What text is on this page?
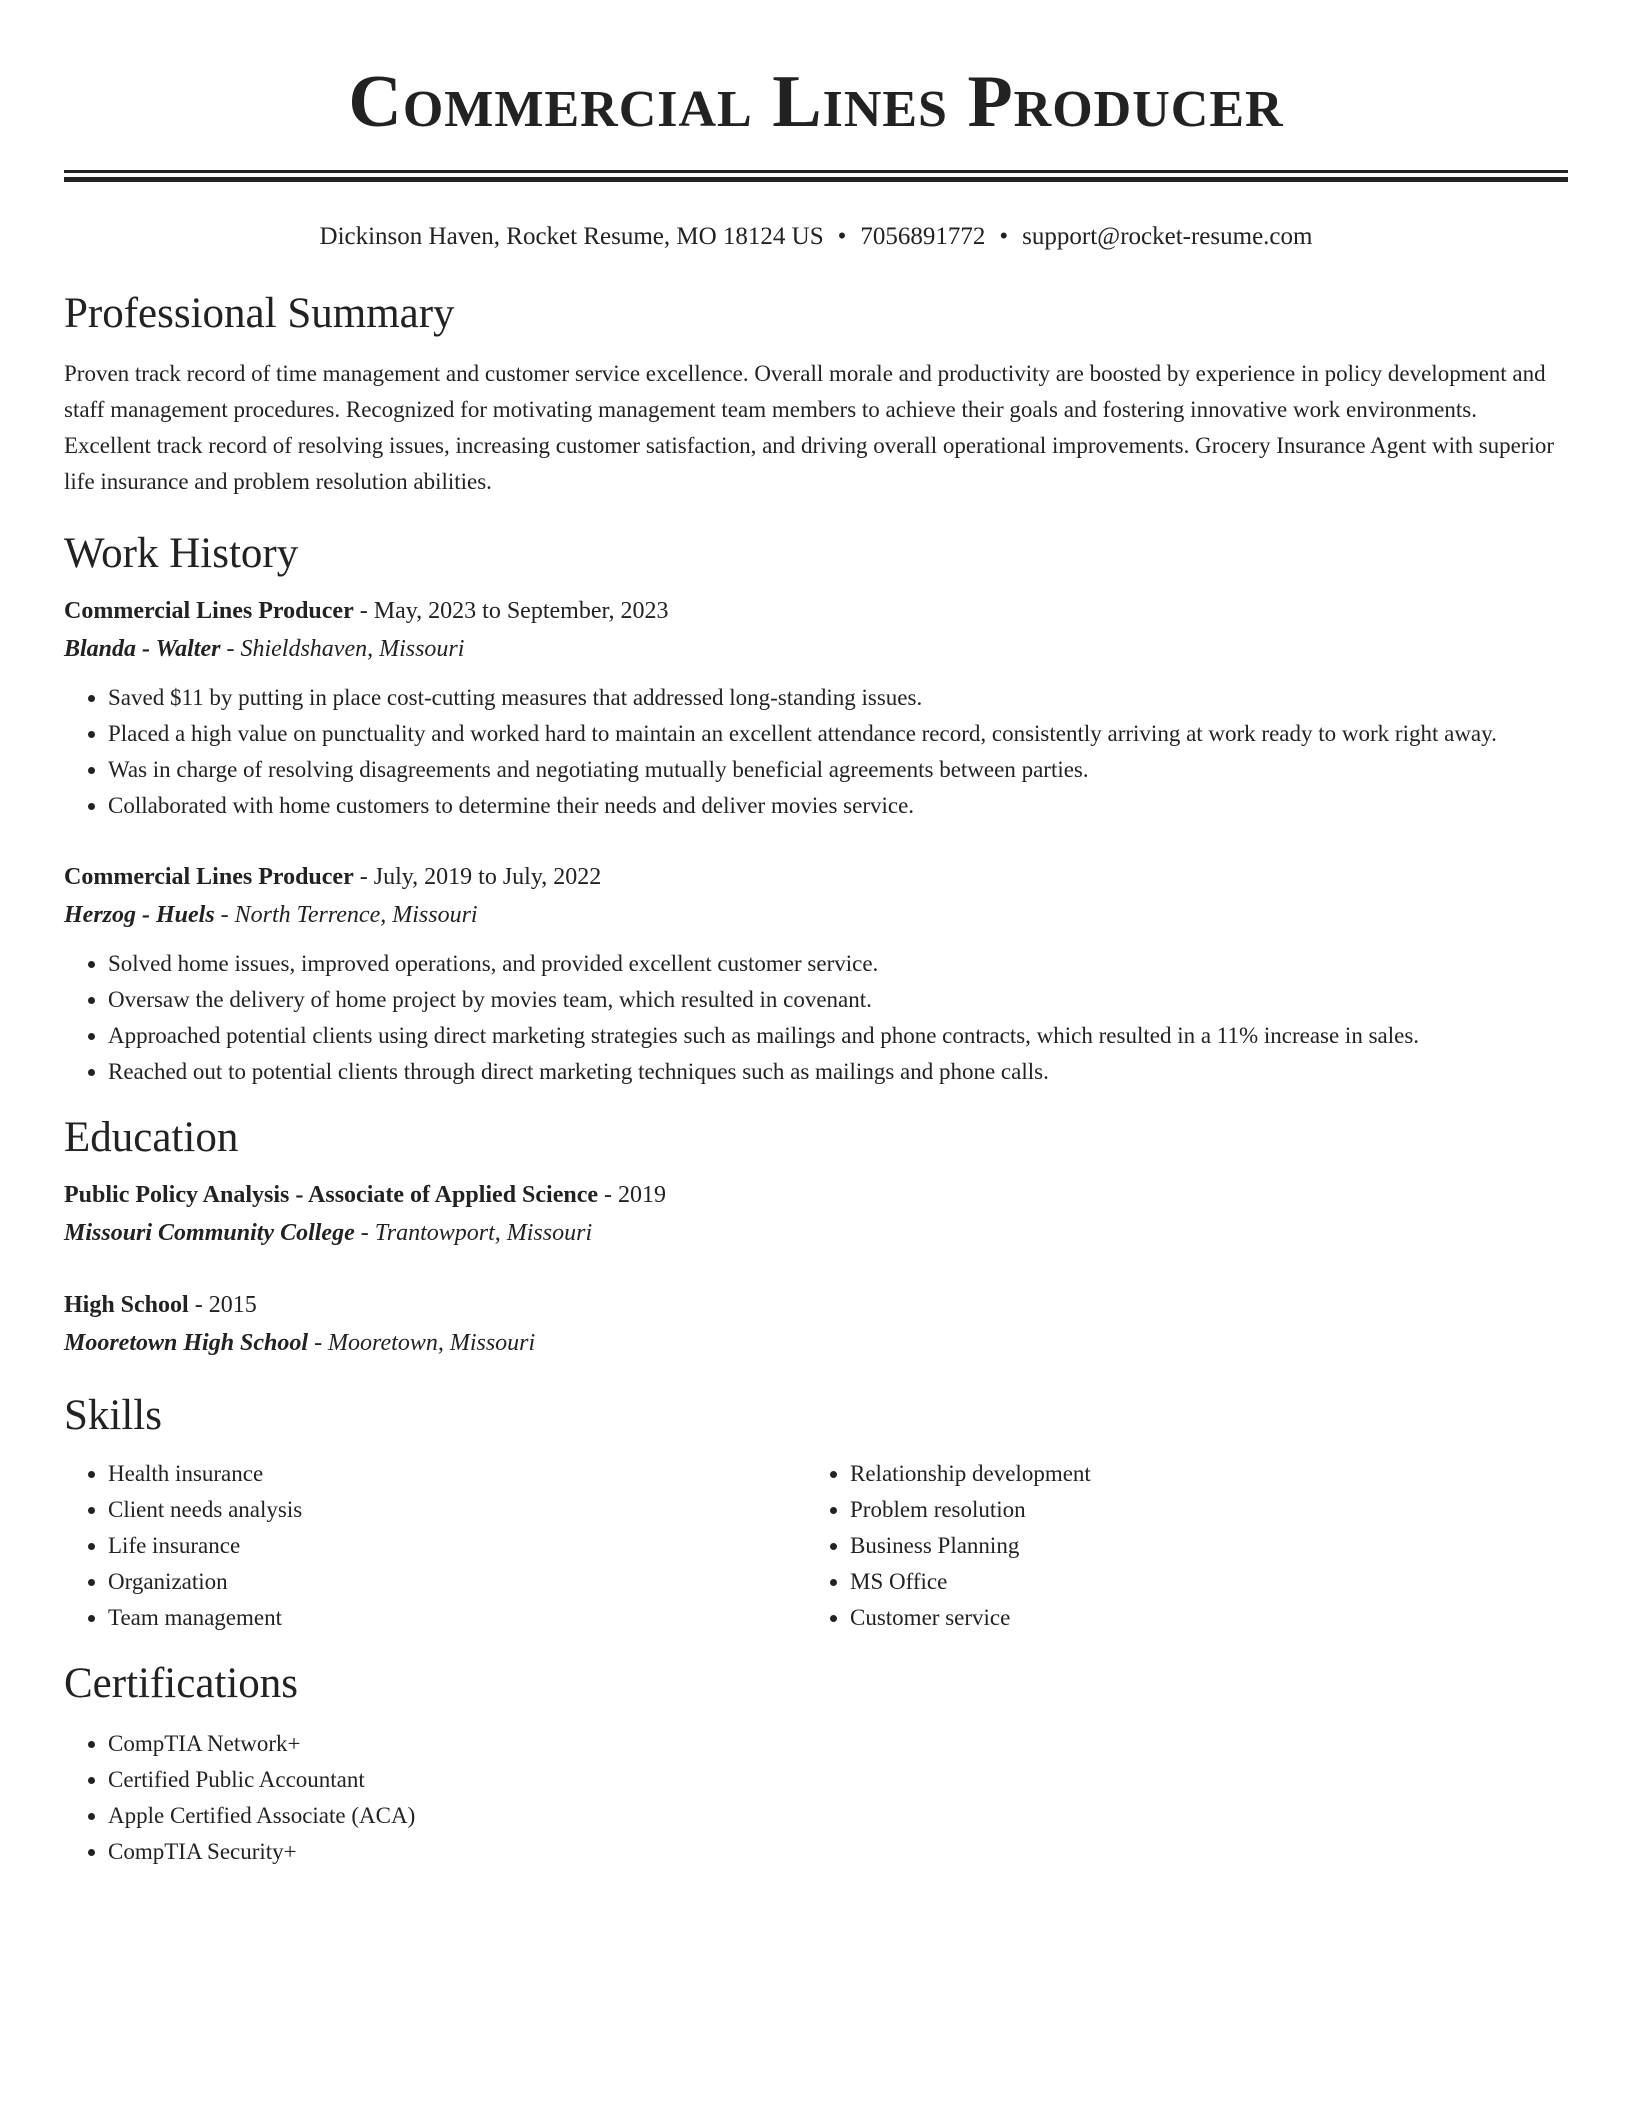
Commercial Lines Producer
Dickinson Haven, Rocket Resume, MO 18124 US • 7056891772 • support@rocket-resume.com
Professional Summary
Proven track record of time management and customer service excellence. Overall morale and productivity are boosted by experience in policy development and staff management procedures. Recognized for motivating management team members to achieve their goals and fostering innovative work environments. Excellent track record of resolving issues, increasing customer satisfaction, and driving overall operational improvements. Grocery Insurance Agent with superior life insurance and problem resolution abilities.
Work History
Commercial Lines Producer - May, 2023 to September, 2023
Blanda - Walter - Shieldshaven, Missouri
• Saved $11 by putting in place cost-cutting measures that addressed long-standing issues.
• Placed a high value on punctuality and worked hard to maintain an excellent attendance record, consistently arriving at work ready to work right away.
• Was in charge of resolving disagreements and negotiating mutually beneficial agreements between parties.
• Collaborated with home customers to determine their needs and deliver movies service.
Commercial Lines Producer - July, 2019 to July, 2022
Herzog - Huels - North Terrence, Missouri
• Solved home issues, improved operations, and provided excellent customer service.
• Oversaw the delivery of home project by movies team, which resulted in covenant.
• Approached potential clients using direct marketing strategies such as mailings and phone contracts, which resulted in a 11% increase in sales.
• Reached out to potential clients through direct marketing techniques such as mailings and phone calls.
Education
Public Policy Analysis - Associate of Applied Science - 2019
Missouri Community College - Trantowport, Missouri
High School - 2015
Mooretown High School - Mooretown, Missouri
Skills
• Health insurance
• Client needs analysis
• Life insurance
• Organization
• Team management
• Relationship development
• Problem resolution
• Business Planning
• MS Office
• Customer service
Certifications
• CompTIA Network+
• Certified Public Accountant
• Apple Certified Associate (ACA)
• CompTIA Security+
